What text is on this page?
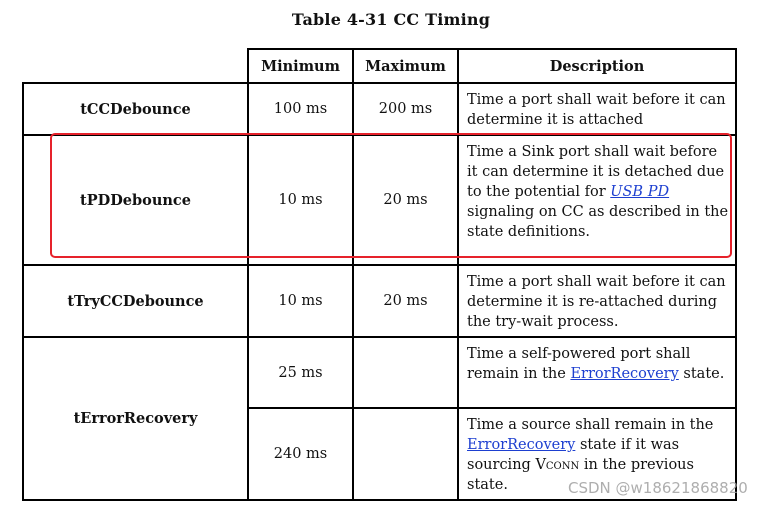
Table 4-31 CC Timing
	Minimum	Maximum	Description
tCCDebounce	100 ms	200 ms	Time a port shall wait before it can determine it is attached
tPDDebounce	10 ms	20 ms	Time a Sink port shall wait before it can determine it is detached due to the potential for USB PD signaling on CC as described in the state definitions.
tTryCCDebounce	10 ms	20 ms	Time a port shall wait before it can determine it is re-attached during the try-wait process.
tErrorRecovery	25 ms		Time a self-powered port shall remain in the ErrorRecovery state.
	240 ms		Time a source shall remain in the ErrorRecovery state if it was sourcing Vconn in the previous state.	CSDN @w18621868820
